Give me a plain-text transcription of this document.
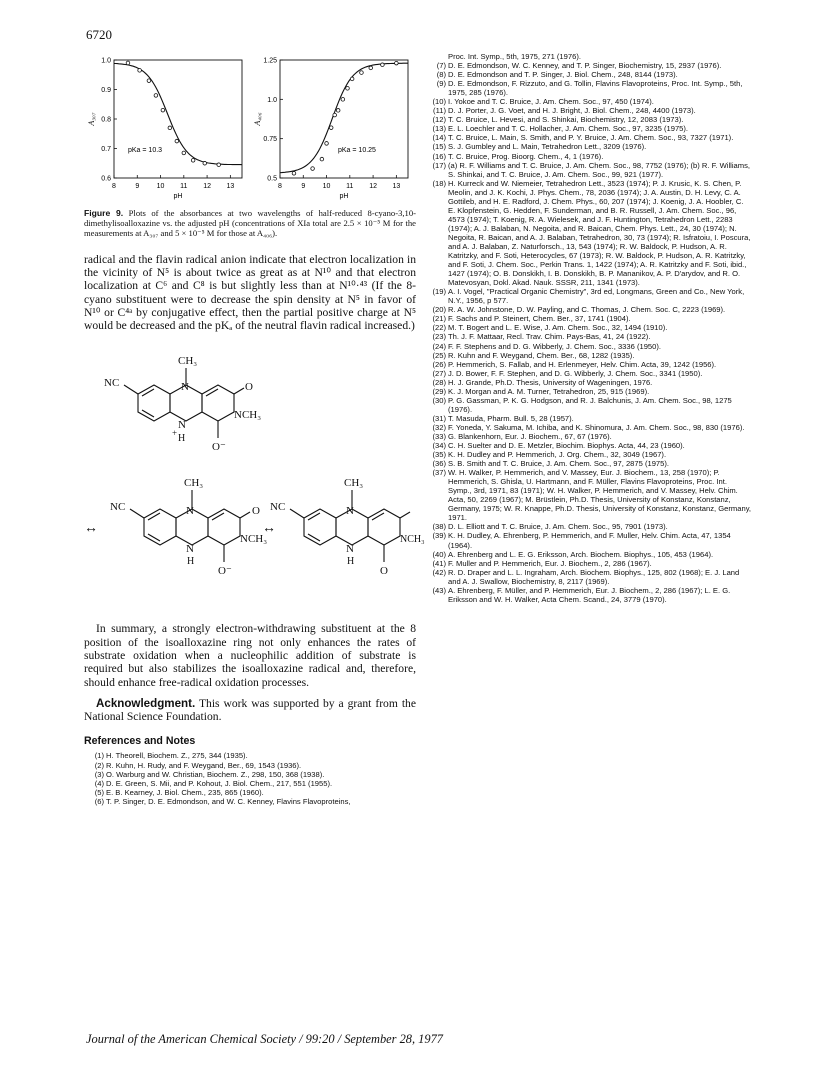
6720
8	9 10 11 12 13
1.0
0.9
0.8
0.7
0.6
pH
A₃₀₇
pKa = 10.3
8	9 10 11 12 13
1.25
1.0
0.75
0.5
pH
A₄₀₆
pKa = 10.25
Figure 9. Plots of the absorbances at two wavelengths of half-reduced 8-cyano-3,10-dimethylisoalloxazine vs. the adjusted pH (concentrations of XIa total are 2.5 × 10⁻⁵ M for the measurements at A₃₀₇ and 5 × 10⁻⁵ M for those at A₄₀₆).

radical and the flavin radical anion indicate that electron localization in the vicinity of N⁵ is about twice as great as at N¹⁰ and that electron localization at C⁶ and C⁸ is but slightly less than at N¹⁰·⁴³ (If the 8-cyano substituent were to decrease the spin density at N⁵ in favor of N¹⁰ or C⁴ᵃ by conjugative effect, then the partial positive charge at N⁵ would be decreased and the pKₐ of the neutral flavin radical increased.)

CH₃
NC	N	O
NCH₃
N
+ H
O⁻
CH₃
NC	N	O
NCH₃
N
H
O⁻
↔	↔
CH₃
NC	N
NCH₃
N
H
O

In summary, a strongly electron-withdrawing substituent at the 8 position of the isoalloxazine ring not only enhances the rates of substrate oxidation when a nucleophilic addition of substrate is required but also stabilizes the isoalloxazine radical and, therefore, should enhance free-radical oxidation processes.

Acknowledgment. This work was supported by a grant from the National Science Foundation.

References and Notes
(1) H. Theorell, Biochem. Z., 275, 344 (1935).
(2) R. Kuhn, H. Rudy, and F. Weygand, Ber., 69, 1543 (1936).
(3) O. Warburg and W. Christian, Biochem. Z., 298, 150, 368 (1938).
(4) D. E. Green, S. Mii, and P. Kohout, J. Biol. Chem., 217, 551 (1955).
(5) E. B. Kearney, J. Biol. Chem., 235, 865 (1960).
(6) T. P. Singer, D. E. Edmondson, and W. C. Kenney, Flavins Flavoproteins,
Proc. Int. Symp., 5th, 1975, 271 (1976).
(7) D. E. Edmondson, W. C. Kenney, and T. P. Singer, Biochemistry, 15, 2937 (1976).
(8) D. E. Edmondson and T. P. Singer, J. Biol. Chem., 248, 8144 (1973).
(9) D. E. Edmondson, F. Rizzuto, and G. Tollin, Flavins Flavoproteins, Proc. Int. Symp., 5th, 1975, 285 (1976).
(10) I. Yokoe and T. C. Bruice, J. Am. Chem. Soc., 97, 450 (1974).
(11) D. J. Porter, J. G. Voet, and H. J. Bright, J. Biol. Chem., 248, 4400 (1973).
(12) T. C. Bruice, L. Hevesi, and S. Shinkai, Biochemistry, 12, 2083 (1973).
(13) E. L. Loechler and T. C. Hollacher, J. Am. Chem. Soc., 97, 3235 (1975).
(14) T. C. Bruice, L. Main, S. Smith, and P. Y. Bruice, J. Am. Chem. Soc., 93, 7327 (1971).
(15) S. J. Gumbley and L. Main, Tetrahedron Lett., 3209 (1976).
(16) T. C. Bruice, Prog. Bioorg. Chem., 4, 1 (1976).
(17) (a) R. F. Williams and T. C. Bruice, J. Am. Chem. Soc., 98, 7752 (1976); (b) R. F. Williams, S. Shinkai, and T. C. Bruice, J. Am. Chem. Soc., 99, 921 (1977).
(18) H. Kurreck and W. Niemeier, Tetrahedron Lett., 3523 (1974); P. J. Krusic, K. S. Chen, P. Meolin, and J. K. Kochi, J. Phys. Chem., 78, 2036 (1974); J. A. Austin, D. H. Levy, C. A. Gottileb, and H. E. Radford, J. Chem. Phys., 60, 207 (1974); J. Koenig, J. A. Hoobler, C. E. Klopfenstein, G. Hedden, F. Sunderman, and B. R. Russell, J. Am. Chem. Soc., 96, 4573 (1974); T. Koenig, R. A. Wielesek, and J. F. Huntington, Tetrahedron Lett., 2283 (1974); A. J. Balaban, N. Negoita, and R. Baican, Chem. Phys. Lett., 24, 30 (1974); N. Negoita, R. Baican, and A. J. Balaban, Tetrahedron, 30, 73 (1974); R. Isfratoiu, I. Poscura, and A. J. Balaban, Z. Naturforsch., 13, 543 (1974); R. W. Baldock, P. Hudson, A. R. Katritzky, and F. Soti, Heterocycles, 67 (1973); R. W. Baldock, P. Hudson, A. R. Katritzky, and F. Soti, J. Chem. Soc., Perkin Trans. 1, 1422 (1974); A. R. Katritzky and F. Soti, ibid., 1427 (1974); O. B. Donskikh, I. B. Donskikh, B. P. Mananikov, A. P. D'arydov, and R. O. Matevosyan, Dokl. Akad. Nauk. SSSR, 211, 1341 (1973).
(19) A. I. Vogel, "Practical Organic Chemistry", 3rd ed, Longmans, Green and Co., New York, N.Y., 1956, p 577.
(20) R. A. W. Johnstone, D. W. Payling, and C. Thomas, J. Chem. Soc. C, 2223 (1969).
(21) F. Sachs and P. Steinert, Chem. Ber., 37, 1741 (1904).
(22) M. T. Bogert and L. E. Wise, J. Am. Chem. Soc., 32, 1494 (1910).
(23) Th. J. F. Mattaar, Recl. Trav. Chim. Pays-Bas, 41, 24 (1922).
(24) F. F. Stephens and D. G. Wibberly, J. Chem. Soc., 3336 (1950).
(25) R. Kuhn and F. Weygand, Chem. Ber., 68, 1282 (1935).
(26) P. Hemmerich, S. Fallab, and H. Erlenmeyer, Helv. Chim. Acta, 39, 1242 (1956).
(27) J. D. Bower, F. F. Stephen, and D. G. Wibberly, J. Chem. Soc., 3341 (1950).
(28) H. J. Grande, Ph.D. Thesis, University of Wageningen, 1976.
(29) K. J. Morgan and A. M. Turner, Tetrahedron, 25, 915 (1969).
(30) P. G. Gassman, P. K. G. Hodgson, and R. J. Balchunis, J. Am. Chem. Soc., 98, 1275 (1976).
(31) T. Masuda, Pharm. Bull. 5, 28 (1957).
(32) F. Yoneda, Y. Sakuma, M. Ichiba, and K. Shinomura, J. Am. Chem. Soc., 98, 830 (1976).
(33) G. Blankenhorn, Eur. J. Biochem., 67, 67 (1976).
(34) C. H. Suelter and D. E. Metzler, Biochim. Biophys. Acta, 44, 23 (1960).
(35) K. H. Dudley and P. Hemmerich, J. Org. Chem., 32, 3049 (1967).
(36) S. B. Smith and T. C. Bruice, J. Am. Chem. Soc., 97, 2875 (1975).
(37) W. H. Walker, P. Hemmerich, and V. Massey, Eur. J. Biochem., 13, 258 (1970); P. Hemmerich, S. Ghisla, U. Hartmann, and F. Müller, Flavins Flavoproteins, Proc. Int. Symp., 3rd, 1971, 83 (1971); W. H. Walker, P. Hemmerich, and V. Massey, Helv. Chim. Acta, 50, 2269 (1967); M. Brüstlein, Ph.D. Thesis, University of Konstanz, Konstanz, Germany, 1975; W. R. Knappe, Ph.D. Thesis, University of Konstanz, Konstanz, Germany, 1971.
(38) D. L. Elliott and T. C. Bruice, J. Am. Chem. Soc., 95, 7901 (1973).
(39) K. H. Dudley, A. Ehrenberg, P. Hemmerich, and F. Muller, Helv. Chim. Acta, 47, 1354 (1964).
(40) A. Ehrenberg and L. E. G. Eriksson, Arch. Biochem. Biophys., 105, 453 (1964).
(41) F. Muller and P. Hemmerich, Eur. J. Biochem., 2, 286 (1967).
(42) R. D. Draper and L. L. Ingraham, Arch. Biochem. Biophys., 125, 802 (1968); E. J. Land and A. J. Swallow, Biochemistry, 8, 2117 (1969).
(43) A. Ehrenberg, F. Müller, and P. Hemmerich, Eur. J. Biochem., 2, 286 (1967); L. E. G. Eriksson and W. H. Walker, Acta Chem. Scand., 24, 3779 (1970).
Journal of the American Chemical Society / 99:20 / September 28, 1977
